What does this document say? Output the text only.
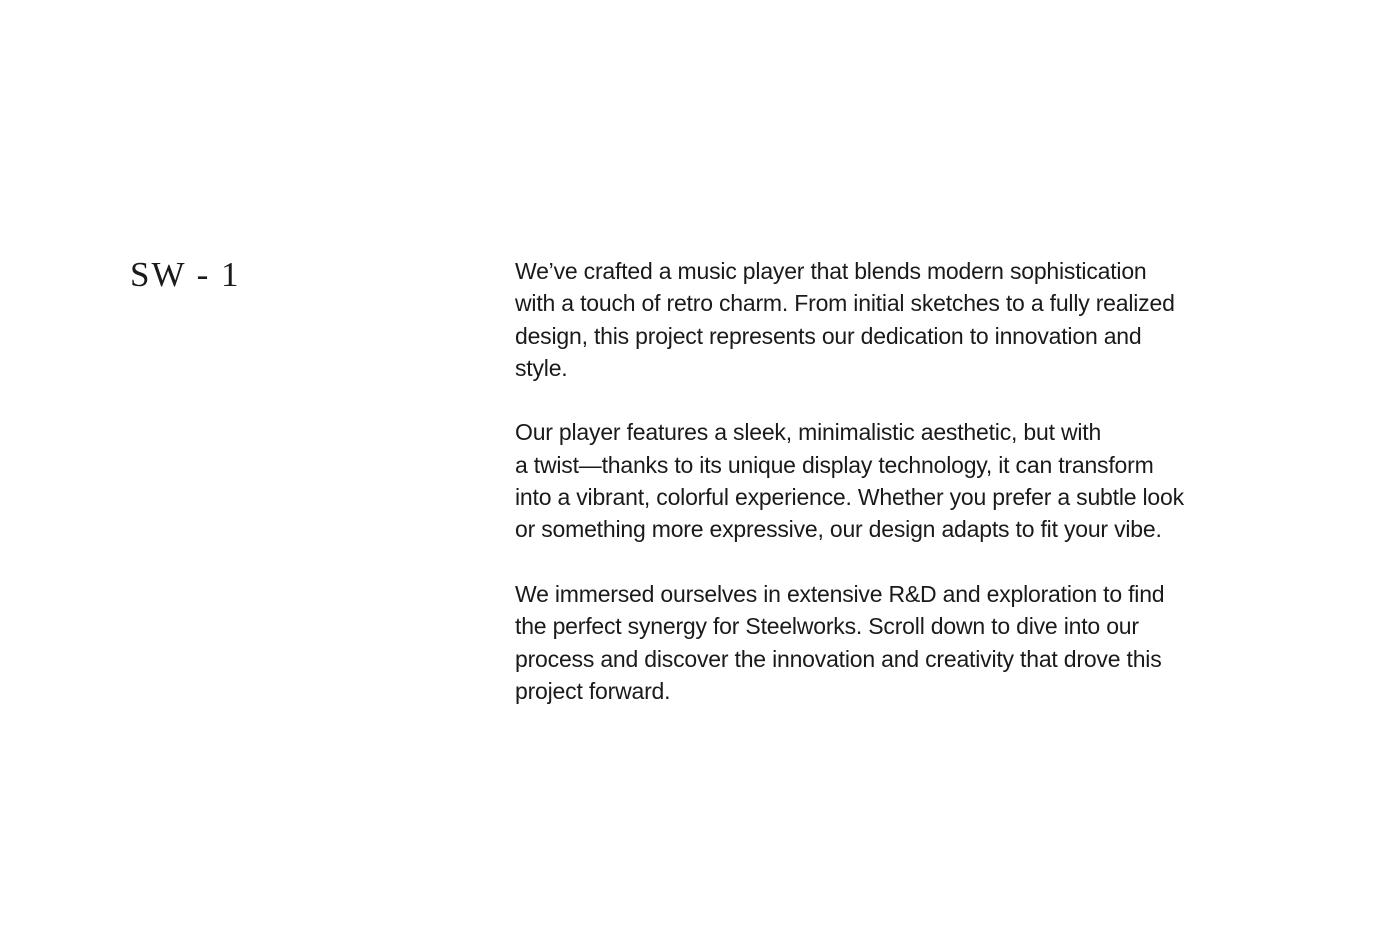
SW - 1	We’ve crafted a music player that blends modern sophistication
with a touch of retro charm. From initial sketches to a fully realized
design, this project represents our dedication to innovation and
style.

Our player features a sleek, minimalistic aesthetic, but with
a twist—thanks to its unique display technology, it can transform
into a vibrant, colorful experience. Whether you prefer a subtle look
or something more expressive, our design adapts to fit your vibe.

We immersed ourselves in extensive R&D and exploration to find
the perfect synergy for Steelworks. Scroll down to dive into our
process and discover the innovation and creativity that drove this
project forward.
